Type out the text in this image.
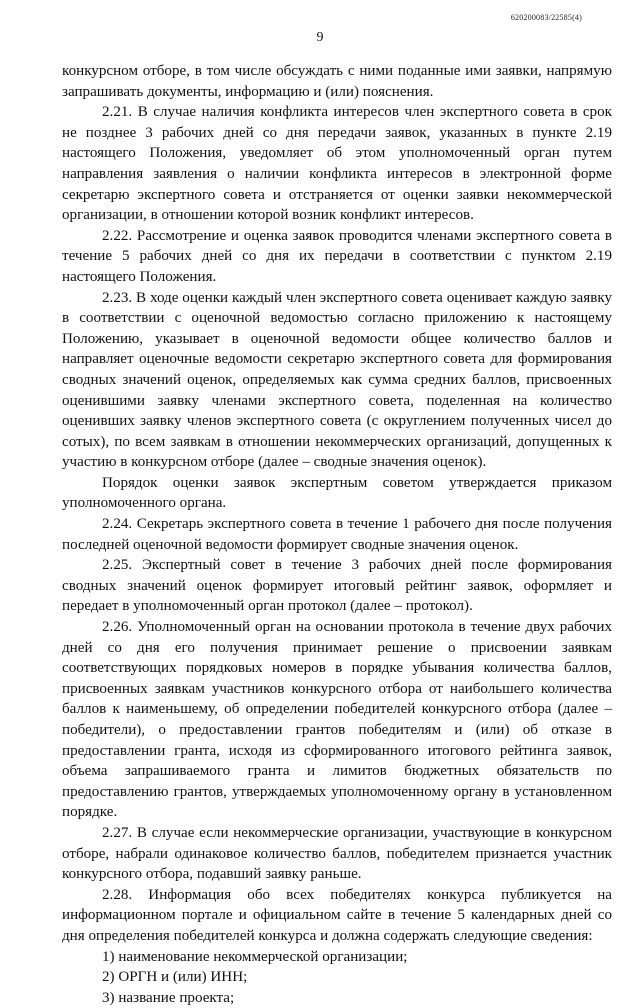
620200083/22585(4)
9

конкурсном отборе, в том числе обсуждать с ними поданные ими заявки, напрямую запрашивать документы, информацию и (или) пояснения.

2.21. В случае наличия конфликта интересов член экспертного совета в срок не позднее 3 рабочих дней со дня передачи заявок, указанных в пункте 2.19 настоящего Положения, уведомляет об этом уполномоченный орган путем направления заявления о наличии конфликта интересов в электронной форме секретарю экспертного совета и отстраняется от оценки заявки некоммерческой организации, в отношении которой возник конфликт интересов.

2.22. Рассмотрение и оценка заявок проводится членами экспертного совета в течение 5 рабочих дней со дня их передачи в соответствии с пунктом 2.19 настоящего Положения.

2.23. В ходе оценки каждый член экспертного совета оценивает каждую заявку в соответствии с оценочной ведомостью согласно приложению к настоящему Положению, указывает в оценочной ведомости общее количество баллов и направляет оценочные ведомости секретарю экспертного совета для формирования сводных значений оценок, определяемых как сумма средних баллов, присвоенных оценившими заявку членами экспертного совета, поделенная на количество оценивших заявку членов экспертного совета (с округлением полученных чисел до сотых), по всем заявкам в отношении некоммерческих организаций, допущенных к участию в конкурсном отборе (далее – сводные значения оценок).

Порядок оценки заявок экспертным советом утверждается приказом уполномоченного органа.

2.24. Секретарь экспертного совета в течение 1 рабочего дня после получения последней оценочной ведомости формирует сводные значения оценок.

2.25. Экспертный совет в течение 3 рабочих дней после формирования сводных значений оценок формирует итоговый рейтинг заявок, оформляет и передает в уполномоченный орган протокол (далее – протокол).

2.26. Уполномоченный орган на основании протокола в течение двух рабочих дней со дня его получения принимает решение о присвоении заявкам соответствующих порядковых номеров в порядке убывания количества баллов, присвоенных заявкам участников конкурсного отбора от наибольшего количества баллов к наименьшему, об определении победителей конкурсного отбора (далее – победители), о предоставлении грантов победителям и (или) об отказе в предоставлении гранта, исходя из сформированного итогового рейтинга заявок, объема запрашиваемого гранта и лимитов бюджетных обязательств по предоставлению грантов, утверждаемых уполномоченному органу в установленном порядке.

2.27. В случае если некоммерческие организации, участвующие в конкурсном отборе, набрали одинаковое количество баллов, победителем признается участник конкурсного отбора, подавший заявку раньше.

2.28. Информация обо всех победителях конкурса публикуется на информационном портале и официальном сайте в течение 5 календарных дней со дня определения победителей конкурса и должна содержать следующие сведения:

1) наименование некоммерческой организации;

2) ОРГН и (или) ИНН;

3) название проекта;
